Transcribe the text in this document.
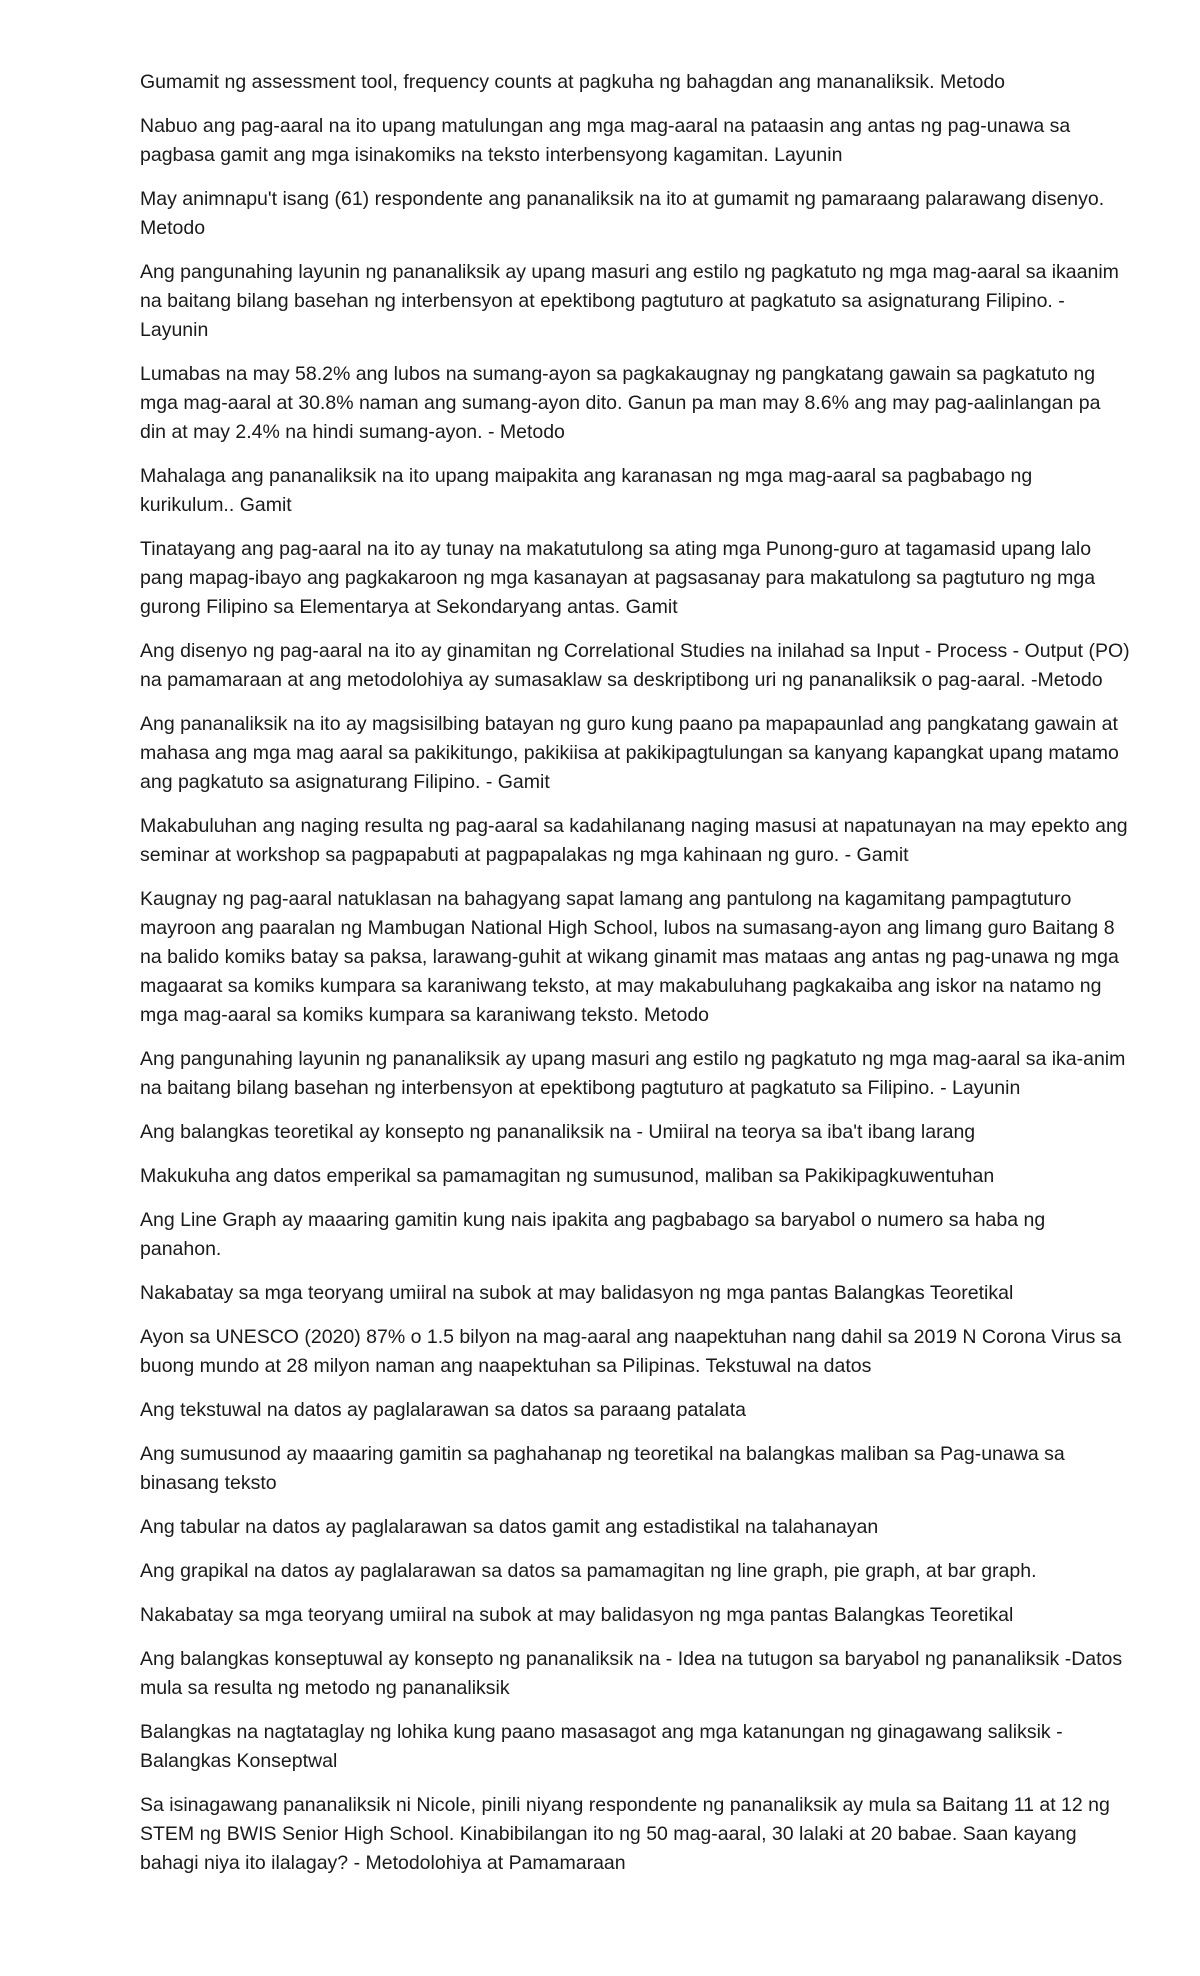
Gumamit ng assessment tool, frequency counts at pagkuha ng bahagdan ang mananaliksik. Metodo

Nabuo ang pag-aaral na ito upang matulungan ang mga mag-aaral na pataasin ang antas ng pag-unawa sa pagbasa gamit ang mga isinakomiks na teksto interbensyong kagamitan. Layunin

May animnapu't isang (61) respondente ang pananaliksik na ito at gumamit ng pamaraang palarawang disenyo. Metodo

Ang pangunahing layunin ng pananaliksik ay upang masuri ang estilo ng pagkatuto ng mga mag-aaral sa ikaanim na baitang bilang basehan ng interbensyon at epektibong pagtuturo at pagkatuto sa asignaturang Filipino. - Layunin

Lumabas na may 58.2% ang lubos na sumang-ayon sa pagkakaugnay ng pangkatang gawain sa pagkatuto ng mga mag-aaral at 30.8% naman ang sumang-ayon dito. Ganun pa man may 8.6% ang may pag-aalinlangan pa din at may 2.4% na hindi sumang-ayon. - Metodo

Mahalaga ang pananaliksik na ito upang maipakita ang karanasan ng mga mag-aaral sa pagbabago ng kurikulum.. Gamit

Tinatayang ang pag-aaral na ito ay tunay na makatutulong sa ating mga Punong-guro at tagamasid upang lalo pang mapag-ibayo ang pagkakaroon ng mga kasanayan at pagsasanay para makatulong sa pagtuturo ng mga gurong Filipino sa Elementarya at Sekondaryang antas. Gamit

Ang disenyo ng pag-aaral na ito ay ginamitan ng Correlational Studies na inilahad sa Input - Process - Output (PO) na pamamaraan at ang metodolohiya ay sumasaklaw sa deskriptibong uri ng pananaliksik o pag-aaral. -Metodo

Ang pananaliksik na ito ay magsisilbing batayan ng guro kung paano pa mapapaunlad ang pangkatang gawain at mahasa ang mga mag aaral sa pakikitungo, pakikiisa at pakikipagtulungan sa kanyang kapangkat upang matamo ang pagkatuto sa asignaturang Filipino. - Gamit

Makabuluhan ang naging resulta ng pag-aaral sa kadahilanang naging masusi at napatunayan na may epekto ang seminar at workshop sa pagpapabuti at pagpapalakas ng mga kahinaan ng guro. - Gamit

Kaugnay ng pag-aaral natuklasan na bahagyang sapat lamang ang pantulong na kagamitang pampagtuturo mayroon ang paaralan ng Mambugan National High School, lubos na sumasang-ayon ang limang guro Baitang 8 na balido komiks batay sa paksa, larawang-guhit at wikang ginamit mas mataas ang antas ng pag-unawa ng mga magaarat sa komiks kumpara sa karaniwang teksto, at may makabuluhang pagkakaiba ang iskor na natamo ng mga mag-aaral sa komiks kumpara sa karaniwang teksto. Metodo

Ang pangunahing layunin ng pananaliksik ay upang masuri ang estilo ng pagkatuto ng mga mag-aaral sa ika-anim na baitang bilang basehan ng interbensyon at epektibong pagtuturo at pagkatuto sa Filipino. - Layunin

Ang balangkas teoretikal ay konsepto ng pananaliksik na - Umiiral na teorya sa iba't ibang larang

Makukuha ang datos emperikal sa pamamagitan ng sumusunod, maliban sa Pakikipagkuwentuhan

Ang Line Graph ay maaaring gamitin kung nais ipakita ang pagbabago sa baryabol o numero sa haba ng panahon.

Nakabatay sa mga teoryang umiiral na subok at may balidasyon ng mga pantas Balangkas Teoretikal

Ayon sa UNESCO (2020) 87% o 1.5 bilyon na mag-aaral ang naapektuhan nang dahil sa 2019 N Corona Virus sa buong mundo at 28 milyon naman ang naapektuhan sa Pilipinas. Tekstuwal na datos

Ang tekstuwal na datos ay paglalarawan sa datos sa paraang patalata

Ang sumusunod ay maaaring gamitin sa paghahanap ng teoretikal na balangkas maliban sa Pag-unawa sa binasang teksto

Ang tabular na datos ay paglalarawan sa datos gamit ang estadistikal na talahanayan

Ang grapikal na datos ay paglalarawan sa datos sa pamamagitan ng line graph, pie graph, at bar graph.

Nakabatay sa mga teoryang umiiral na subok at may balidasyon ng mga pantas Balangkas Teoretikal

Ang balangkas konseptuwal ay konsepto ng pananaliksik na - Idea na tutugon sa baryabol ng pananaliksik -Datos mula sa resulta ng metodo ng pananaliksik

Balangkas na nagtataglay ng lohika kung paano masasagot ang mga katanungan ng ginagawang saliksik - Balangkas Konseptwal

Sa isinagawang pananaliksik ni Nicole, pinili niyang respondente ng pananaliksik ay mula sa Baitang 11 at 12 ng STEM ng BWIS Senior High School. Kinabibilangan ito ng 50 mag-aaral, 30 lalaki at 20 babae. Saan kayang bahagi niya ito ilalagay? - Metodolohiya at Pamamaraan
